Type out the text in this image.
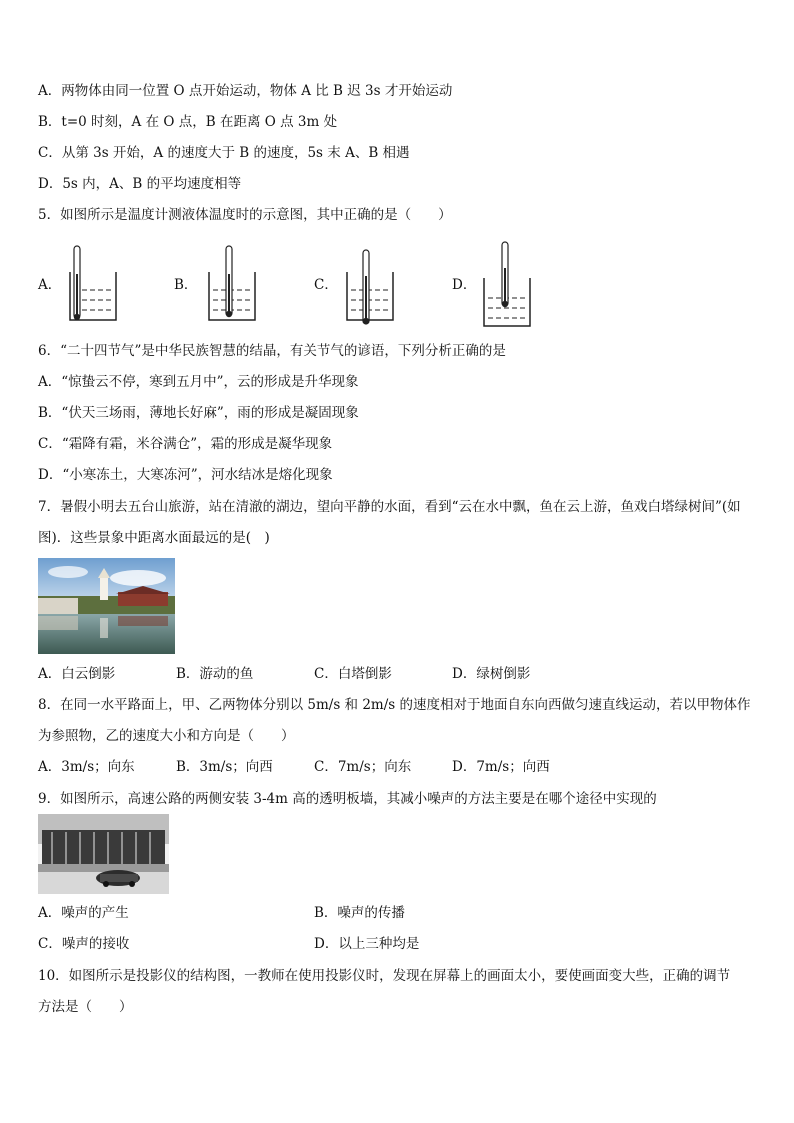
A．两物体由同一位置 O 点开始运动，物体 A 比 B 迟 3s 才开始运动
B．t=0 时刻，A 在 O 点，B 在距离 O 点 3m 处
C．从第 3s 开始，A 的速度大于 B 的速度，5s 末 A、B 相遇
D．5s 内，A、B 的平均速度相等
5．如图所示是温度计测液体温度时的示意图，其中正确的是（　　）
A．	B．	C．	D．
6．“二十四节气”是中华民族智慧的结晶，有关节气的谚语，下列分析正确的是
A．“惊蛰云不停，寒到五月中”，云的形成是升华现象
B．“伏天三场雨，薄地长好麻”，雨的形成是凝固现象
C．“霜降有霜，米谷满仓”，霜的形成是凝华现象
D．“小寒冻土，大寒冻河”，河水结冰是熔化现象
7．暑假小明去五台山旅游，站在清澈的湖边，望向平静的水面，看到“云在水中飘，鱼在云上游，鱼戏白塔绿树间”(如
图)．这些景象中距离水面最远的是(　)
A．白云倒影	B．游动的鱼	C．白塔倒影	D．绿树倒影
8．在同一水平路面上，甲、乙两物体分别以 5m/s 和 2m/s 的速度相对于地面自东向西做匀速直线运动，若以甲物体作
为参照物，乙的速度大小和方向是（　　）
A．3m/s；向东	B．3m/s；向西	C．7m/s；向东	D．7m/s；向西
9．如图所示，高速公路的两侧安装 3-4m 高的透明板墙，其减小噪声的方法主要是在哪个途径中实现的
A．噪声的产生	B．噪声的传播
C．噪声的接收	D．以上三种均是
10．如图所示是投影仪的结构图，一教师在使用投影仪时，发现在屏幕上的画面太小，要使画面变大些，正确的调节
方法是（　　）
